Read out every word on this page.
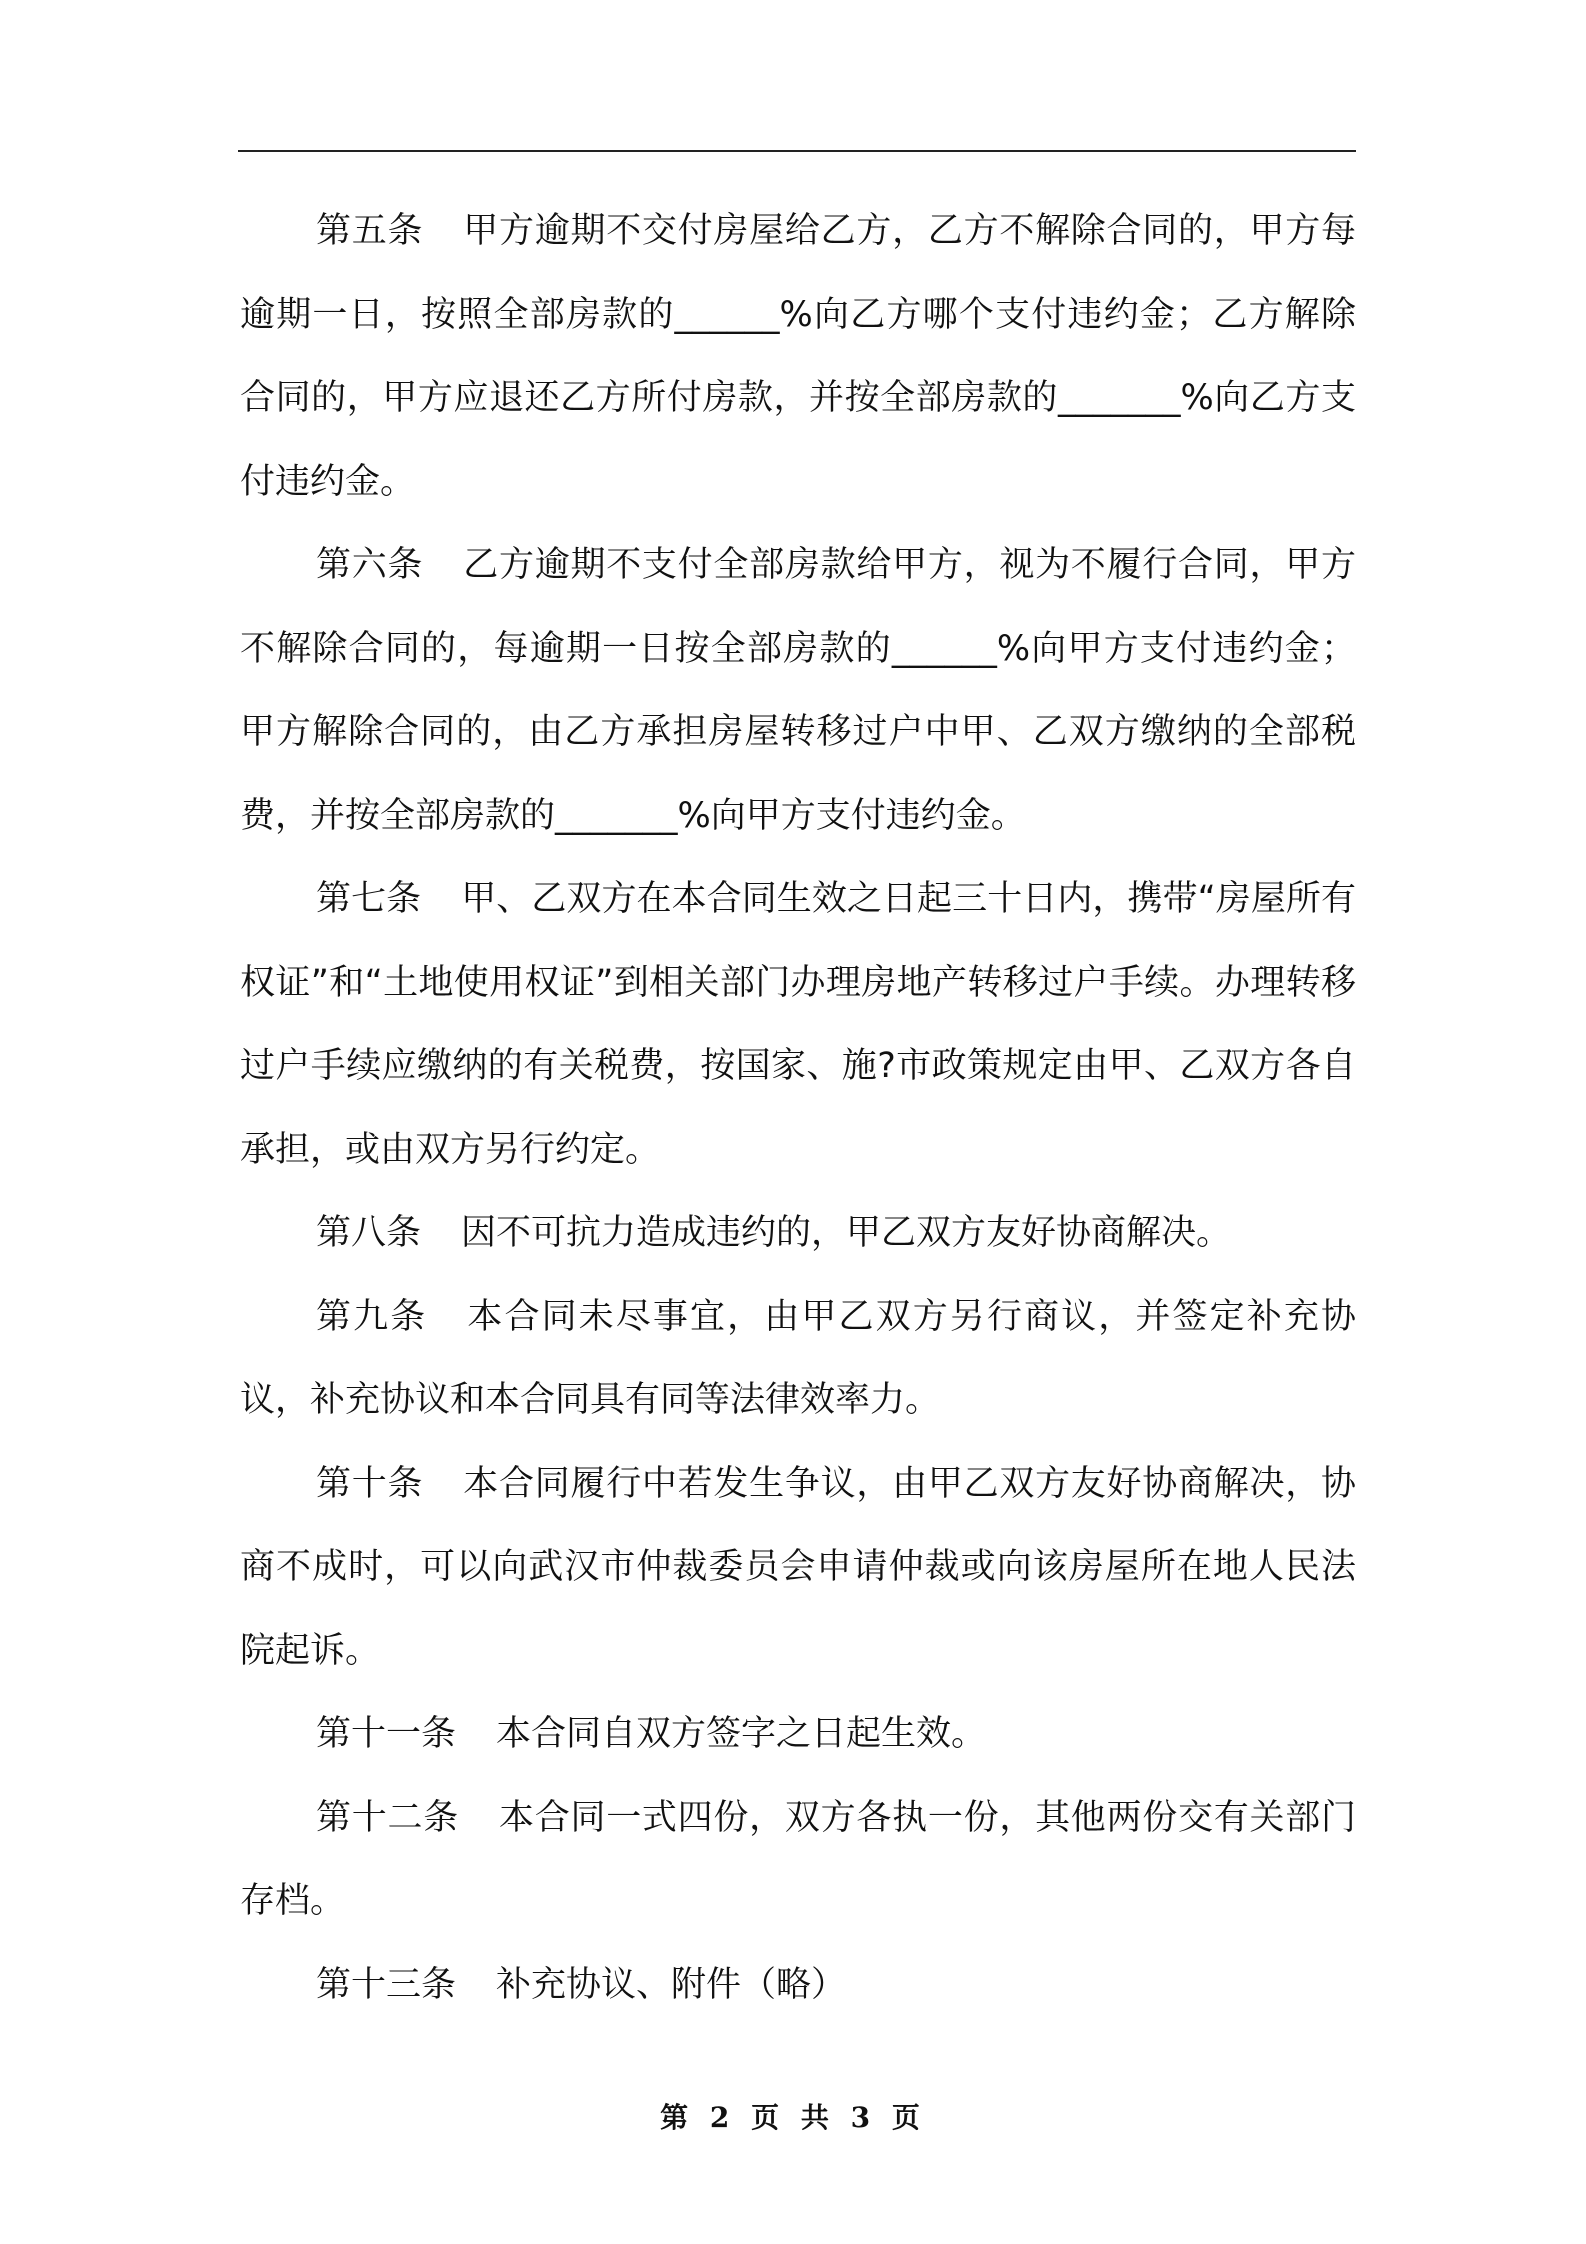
第五条 甲方逾期不交付房屋给乙方，乙方不解除合同的，甲方每逾期一日，按照全部房款的______%向乙方哪个支付违约金；乙方解除合同的，甲方应退还乙方所付房款，并按全部房款的_______%向乙方支付违约金。

第六条 乙方逾期不支付全部房款给甲方，视为不履行合同，甲方不解除合同的，每逾期一日按全部房款的______%向甲方支付违约金；甲方解除合同的，由乙方承担房屋转移过户中甲、乙双方缴纳的全部税费，并按全部房款的_______%向甲方支付违约金。

第七条 甲、乙双方在本合同生效之日起三十日内，携带“房屋所有权证”和“土地使用权证”到相关部门办理房地产转移过户手续。办理转移过户手续应缴纳的有关税费，按国家、施?市政策规定由甲、乙双方各自承担，或由双方另行约定。

第八条 因不可抗力造成违约的，甲乙双方友好协商解决。

第九条 本合同未尽事宜，由甲乙双方另行商议，并签定补充协议，补充协议和本合同具有同等法律效率力。

第十条 本合同履行中若发生争议，由甲乙双方友好协商解决，协商不成时，可以向武汉市仲裁委员会申请仲裁或向该房屋所在地人民法院起诉。

第十一条 本合同自双方签字之日起生效。

第十二条 本合同一式四份，双方各执一份，其他两份交有关部门存档。

第十三条 补充协议、附件（略）

第 2 页 共 3 页
